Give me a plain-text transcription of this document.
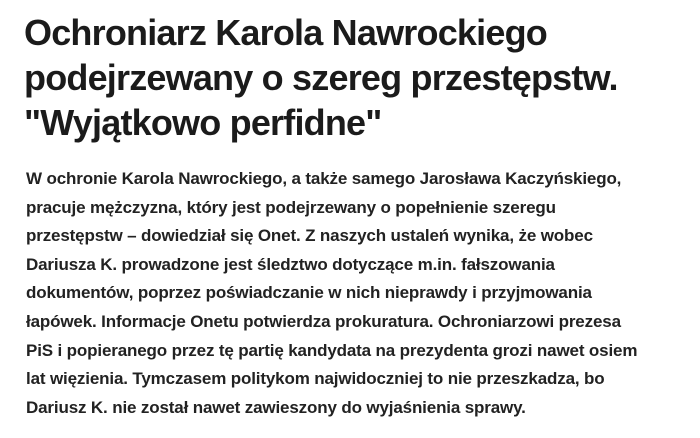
Ochroniarz Karola Nawrockiego
podejrzewany o szereg przestępstw.
"Wyjątkowo perfidne"
W ochronie Karola Nawrockiego, a także samego Jarosława Kaczyńskiego,
pracuje mężczyzna, który jest podejrzewany o popełnienie szeregu
przestępstw – dowiedział się Onet. Z naszych ustaleń wynika, że wobec
Dariusza K. prowadzone jest śledztwo dotyczące m.in. fałszowania
dokumentów, poprzez poświadczanie w nich nieprawdy i przyjmowania
łapówek. Informacje Onetu potwierdza prokuratura. Ochroniarzowi prezesa
PiS i popieranego przez tę partię kandydata na prezydenta grozi nawet osiem
lat więzienia. Tymczasem politykom najwidoczniej to nie przeszkadza, bo
Dariusz K. nie został nawet zawieszony do wyjaśnienia sprawy.
